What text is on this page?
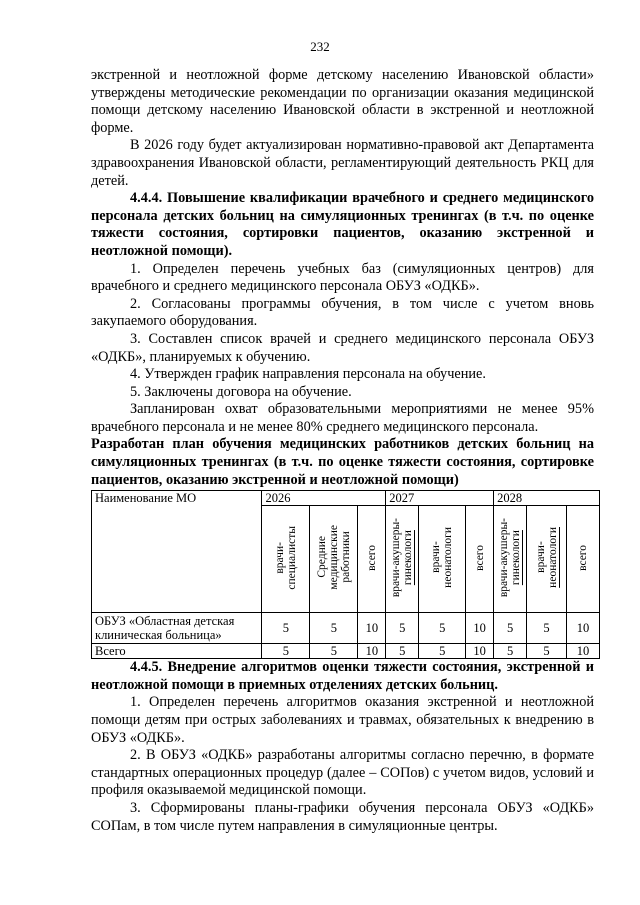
232

экстренной и неотложной форме детскому населению Ивановской области» утверждены методические рекомендации по организации оказания медицинской помощи детскому населению Ивановской области в экстренной и неотложной форме.

В 2026 году будет актуализирован нормативно-правовой акт Департамента здравоохранения Ивановской области, регламентирующий деятельность РКЦ для детей.

4.4.4. Повышение квалификации врачебного и среднего медицинского персонала детских больниц на симуляционных тренингах (в т.ч. по оценке тяжести состояния, сортировки пациентов, оказанию экстренной и неотложной помощи).

1. Определен перечень учебных баз (симуляционных центров) для врачебного и среднего медицинского персонала ОБУЗ «ОДКБ».

2. Согласованы программы обучения, в том числе с учетом вновь закупаемого оборудования.

3. Составлен список врачей и среднего медицинского персонала ОБУЗ «ОДКБ», планируемых к обучению.

4. Утвержден график направления персонала на обучение.

5. Заключены договора на обучение.

Запланирован охват образовательными мероприятиями не менее 95% врачебного персонала и не менее 80% среднего медицинского персонала.

Разработан план обучения медицинских работников детских больниц на симуляционных тренингах (в т.ч. по оценке тяжести состояния, сортировке пациентов, оказанию экстренной и неотложной помощи)

Наименование МО	2026			2027			2028		

	врачи- специалисты	Средние медицинские работники	всего	врачи-акушеры- гинекологи	врачи- неонатологи	всего	врачи-акушеры- гинекологи	врачи- неонатологи	всего
ОБУЗ «Областная детская клиническая больница»	5	5	10	5	5	10	5	5	10
Всего	5	5	10	5	5	10	5	5	10

4.4.5. Внедрение алгоритмов оценки тяжести состояния, экстренной и неотложной помощи в приемных отделениях детских больниц.

1. Определен перечень алгоритмов оказания экстренной и неотложной помощи детям при острых заболеваниях и травмах, обязательных к внедрению в ОБУЗ «ОДКБ».

2. В ОБУЗ «ОДКБ» разработаны алгоритмы согласно перечню, в формате стандартных операционных процедур (далее – СОПов) с учетом видов, условий и профиля оказываемой медицинской помощи.

3. Сформированы планы-графики обучения персонала ОБУЗ «ОДКБ» СОПам, в том числе путем направления в симуляционные центры.
